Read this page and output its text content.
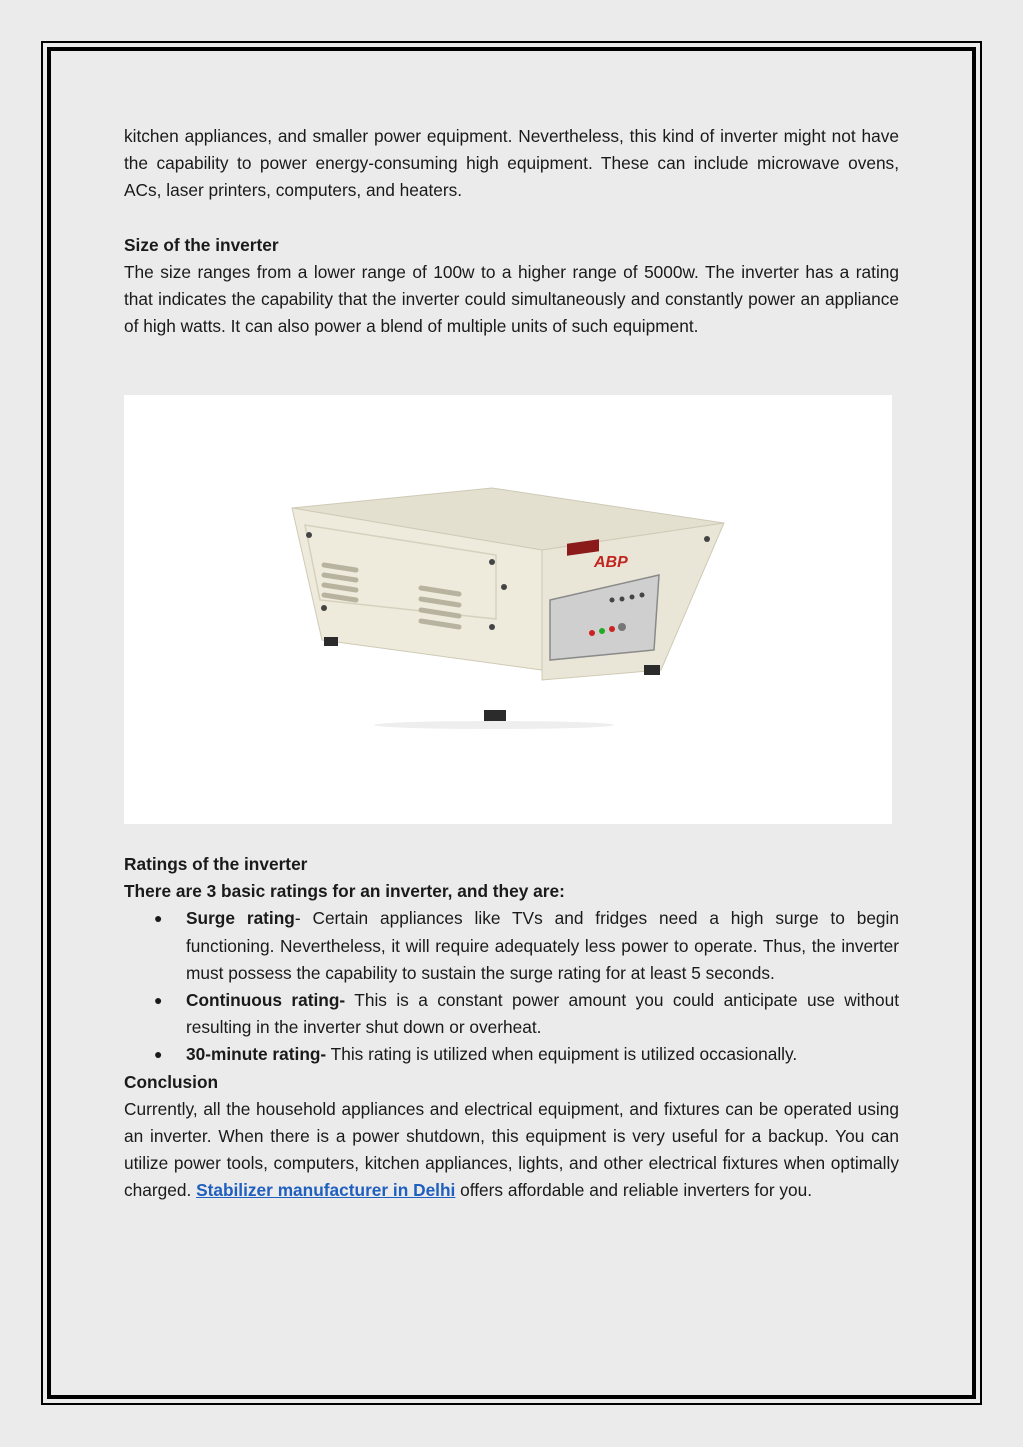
kitchen appliances, and smaller power equipment. Nevertheless, this kind of inverter might not have the capability to power energy-consuming high equipment. These can include microwave ovens, ACs, laser printers, computers, and heaters.

Size of the inverter

The size ranges from a lower range of 100w to a higher range of 5000w. The inverter has a rating that indicates the capability that the inverter could simultaneously and constantly power an appliance of high watts. It can also power a blend of multiple units of such equipment.

ABP

Ratings of the inverter

There are 3 basic ratings for an inverter, and they are:

● Surge rating- Certain appliances like TVs and fridges need a high surge to begin functioning. Nevertheless, it will require adequately less power to operate. Thus, the inverter must possess the capability to sustain the surge rating for at least 5 seconds.
● Continuous rating- This is a constant power amount you could anticipate use without resulting in the inverter shut down or overheat.
● 30-minute rating- This rating is utilized when equipment is utilized occasionally.

Conclusion

Currently, all the household appliances and electrical equipment, and fixtures can be operated using an inverter. When there is a power shutdown, this equipment is very useful for a backup. You can utilize power tools, computers, kitchen appliances, lights, and other electrical fixtures when optimally charged. Stabilizer manufacturer in Delhi offers affordable and reliable inverters for you.
